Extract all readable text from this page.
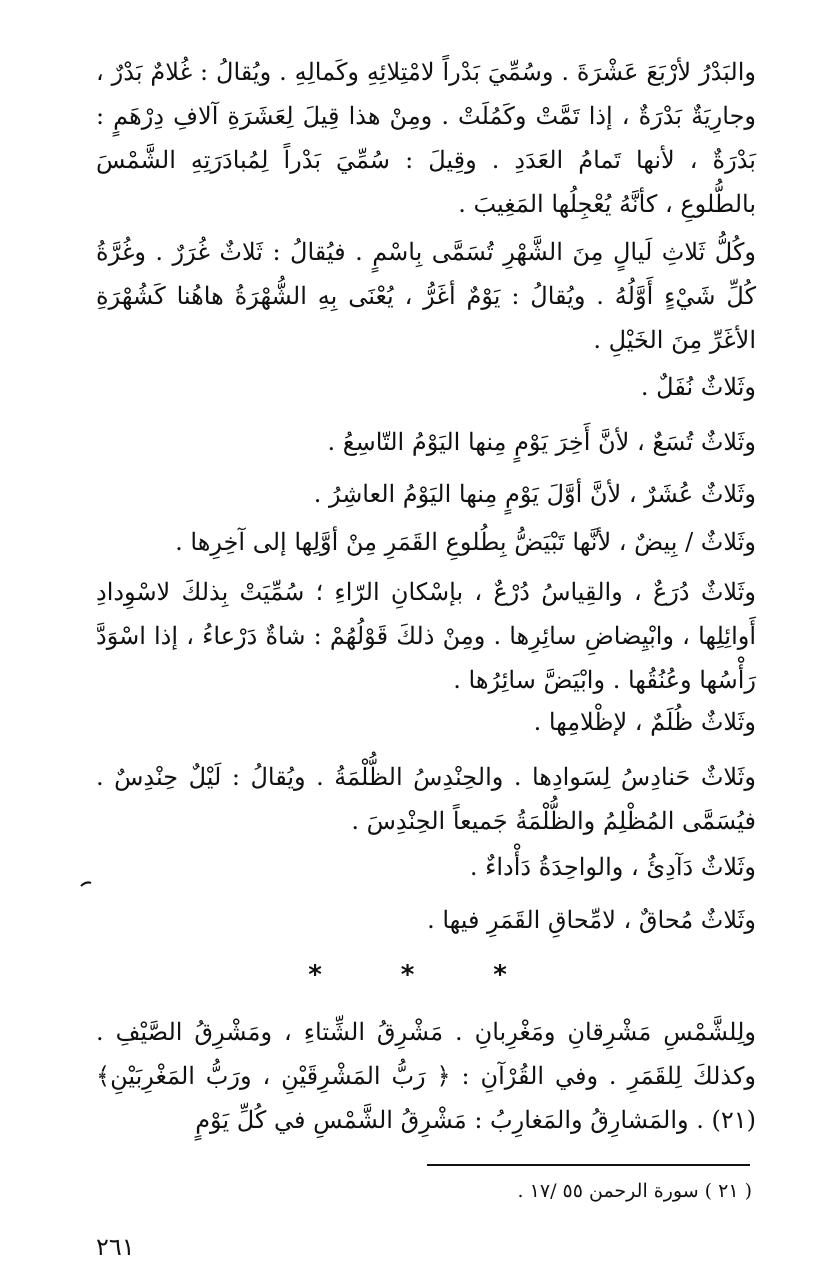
والبَدْرُ لأرْبَعَ عَشْرَةَ . وسُمِّيَ بَدْراً لامْتِلائِهِ وكَمالِهِ . ويُقالُ : غُلامٌ بَدْرٌ ، وجارِيَةٌ بَدْرَةٌ ، إذا تَمَّتْ وكَمُلَتْ . ومِنْ هذا قِيلَ لِعَشَرَةِ آلافِ دِرْهَمٍ : بَدْرَةٌ ، لأنها تَمامُ العَدَدِ . وقِيلَ : سُمِّيَ بَدْراً لِمُبادَرَتِهِ الشَّمْسَ بالطُّلوعِ ، كأنَّهُ يُعْجِلُها المَغِيبَ .

وكُلُّ ثَلاثِ لَيالٍ مِنَ الشَّهْرِ تُسَمَّى بِاسْمٍ . فيُقالُ : ثَلاثٌ غُرَرٌ . وغُرَّةُ كُلِّ شَيْءٍ أَوَّلُهُ . ويُقالُ : يَوْمٌ أغَرُّ ، يُعْنَى بِهِ الشُّهْرَةُ هاهُنا كَشُهْرَةِ الأغَرِّ مِنَ الخَيْلِ .

وثَلاثٌ نُفَلٌ .

وثَلاثٌ تُسَعٌ ، لأنَّ أَخِرَ يَوْمٍ مِنها اليَوْمُ التّاسِعُ .

وثَلاثٌ عُشَرٌ ، لأنَّ أوَّلَ يَوْمٍ مِنها اليَوْمُ العاشِرُ .

وثَلاثٌ / بِيضٌ ، لأنَّها تَبْيَضُّ بِطُلوعِ القَمَرِ مِنْ أوَّلِها إلى آخِرِها .

وثَلاثٌ دُرَعٌ ، والقِياسُ دُرْعٌ ، بإسْكانِ الرّاءِ ؛ سُمِّيَتْ بِذلكَ لاسْوِدادِ أَوائِلِها ، وابْيِضاضِ سائِرِها . ومِنْ ذلكَ قَوْلُهُمْ : شاةٌ دَرْعاءُ ، إذا اسْوَدَّ رَأْسُها وعُنُقُها . وابْيَضَّ سائِرُها .

وثَلاثٌ ظُلَمٌ ، لإظْلامِها .

وثَلاثٌ حَنادِسُ لِسَوادِها . والحِنْدِسُ الظُّلْمَةُ . ويُقالُ : لَيْلٌ حِنْدِسٌ . فيُسَمَّى المُظْلِمُ والظُّلْمَةُ جَميعاً الحِنْدِسَ .

وثَلاثٌ دَآدِئُ ، والواحِدَةُ دَأْداءٌ .

وثَلاثٌ مُحاقٌ ، لامِّحاقِ القَمَرِ فيها .

*	*	*

ولِلشَّمْسِ مَشْرِقانِ ومَغْرِبانِ . مَشْرِقُ الشِّتاءِ ، ومَشْرِقُ الصَّيْفِ . وكذلكَ لِلقَمَرِ . وفي القُرْآنِ : ﴿ رَبُّ المَشْرِقَيْنِ ، ورَبُّ المَغْرِبَيْنِ﴾ (٢١) . والمَشارِقُ والمَغارِبُ : مَشْرِقُ الشَّمْسِ في كُلِّ يَوْمٍ

( ٢١ ) سورة الرحمن ٥٥ /١٧ .

٢٦١
